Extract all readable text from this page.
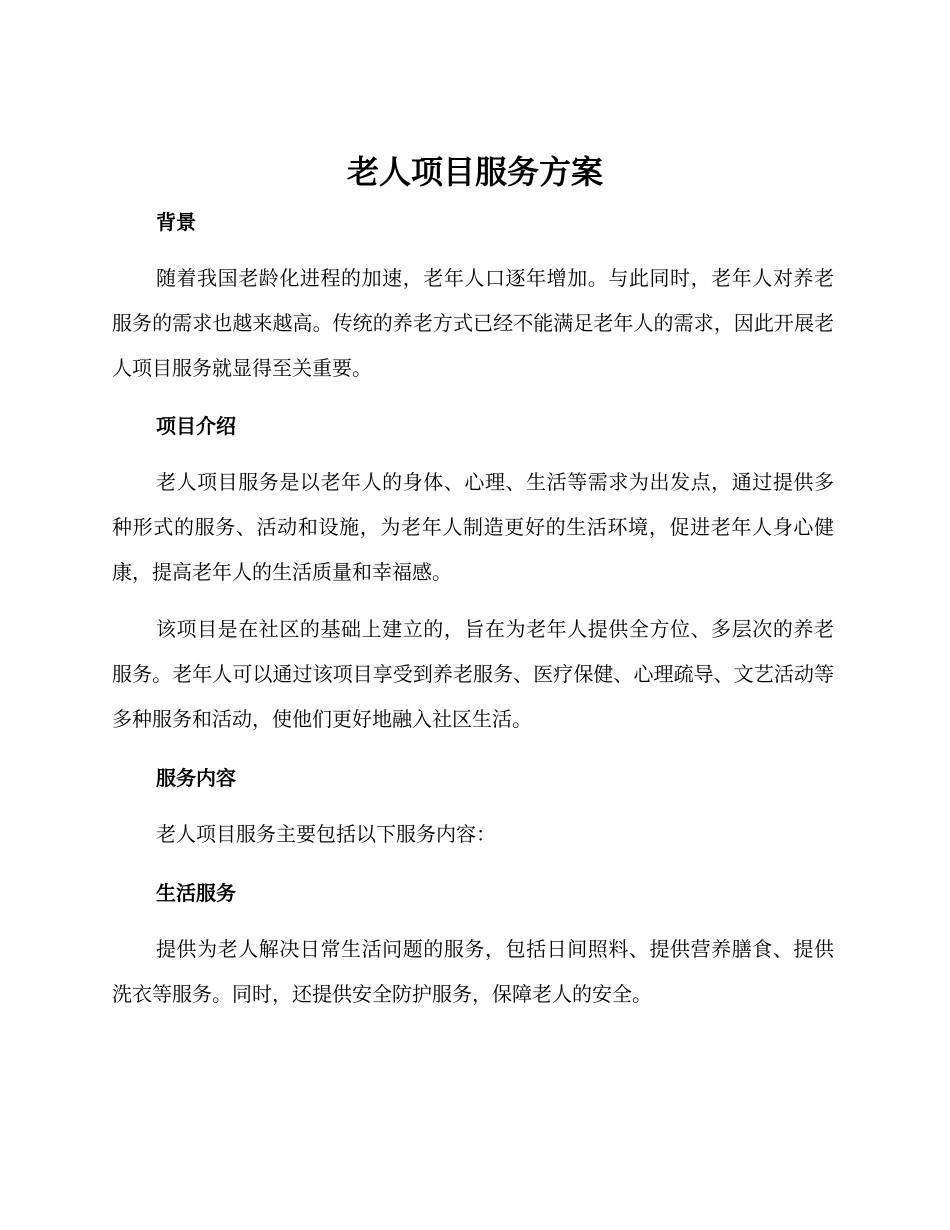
老人项目服务方案
背景

随着我国老龄化进程的加速，老年人口逐年增加。与此同时，老年人对养老服务的需求也越来越高。传统的养老方式已经不能满足老年人的需求，因此开展老人项目服务就显得至关重要。

项目介绍

老人项目服务是以老年人的身体、心理、生活等需求为出发点，通过提供多种形式的服务、活动和设施，为老年人制造更好的生活环境，促进老年人身心健康，提高老年人的生活质量和幸福感。

该项目是在社区的基础上建立的，旨在为老年人提供全方位、多层次的养老服务。老年人可以通过该项目享受到养老服务、医疗保健、心理疏导、文艺活动等多种服务和活动，使他们更好地融入社区生活。

服务内容

老人项目服务主要包括以下服务内容：

生活服务

提供为老人解决日常生活问题的服务，包括日间照料、提供营养膳食、提供洗衣等服务。同时，还提供安全防护服务，保障老人的安全。
